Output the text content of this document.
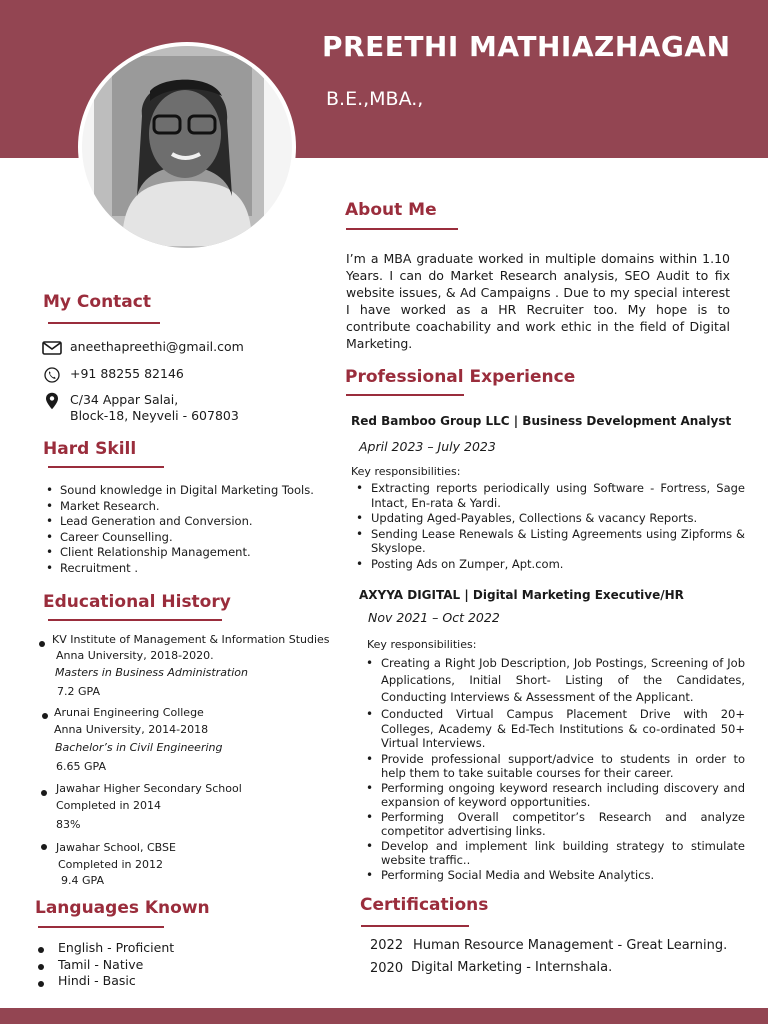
PREETHI MATHIAZHAGAN
B.E.,MBA.,
About Me
I’m a MBA graduate worked in multiple domains within 1.10 Years. I can do Market Research analysis, SEO Audit to fix website issues, & Ad Campaigns . Due to my special interest I have worked as a HR Recruiter too. My hope is to contribute coachability and work ethic in the field of Digital Marketing.
My Contact
aneethapreethi@gmail.com
+91 88255 82146
C/34 Appar Salai,
Block-18, Neyveli - 607803
Hard Skill
• Sound knowledge in Digital Marketing Tools.
• Market Research.
• Lead Generation and Conversion.
• Career Counselling.
• Client Relationship Management.
• Recruitment .
Educational History
KV Institute of Management & Information Studies
Anna University, 2018-2020.
Masters in Business Administration
7.2 GPA
Arunai Engineering College
Anna University, 2014-2018
Bachelor’s in Civil Engineering
6.65 GPA
Jawahar Higher Secondary School
Completed in 2014
83%
Jawahar School, CBSE
Completed in 2012
9.4 GPA
Languages Known
English - Proficient
Tamil - Native
Hindi - Basic
Professional Experience
Red Bamboo Group LLC | Business Development Analyst
April 2023 – July 2023
Key responsibilities:
• Extracting reports periodically using Software - Fortress, Sage Intact, En-rata & Yardi.
• Updating Aged-Payables, Collections & vacancy Reports.
• Sending Lease Renewals & Listing Agreements using Zipforms & Skyslope.
• Posting Ads on Zumper, Apt.com.
AXYYA DIGITAL | Digital Marketing Executive/HR
Nov 2021 – Oct 2022
Key responsibilities:
• Creating a Right Job Description, Job Postings, Screening of Job Applications, Initial Short- Listing of the Candidates, Conducting Interviews & Assessment of the Applicant.
• Conducted Virtual Campus Placement Drive with 20+ Colleges, Academy & Ed-Tech Institutions & co-ordinated 50+ Virtual Interviews.
• Provide professional support/advice to students in order to help them to take suitable courses for their career.
• Performing ongoing keyword research including discovery and expansion of keyword opportunities.
• Performing Overall competitor’s Research and analyze competitor advertising links.
• Develop and implement link building strategy to stimulate website traffic..
• Performing Social Media and Website Analytics.
Certifications
2022 Human Resource Management - Great Learning.
2020 Digital Marketing - Internshala.
